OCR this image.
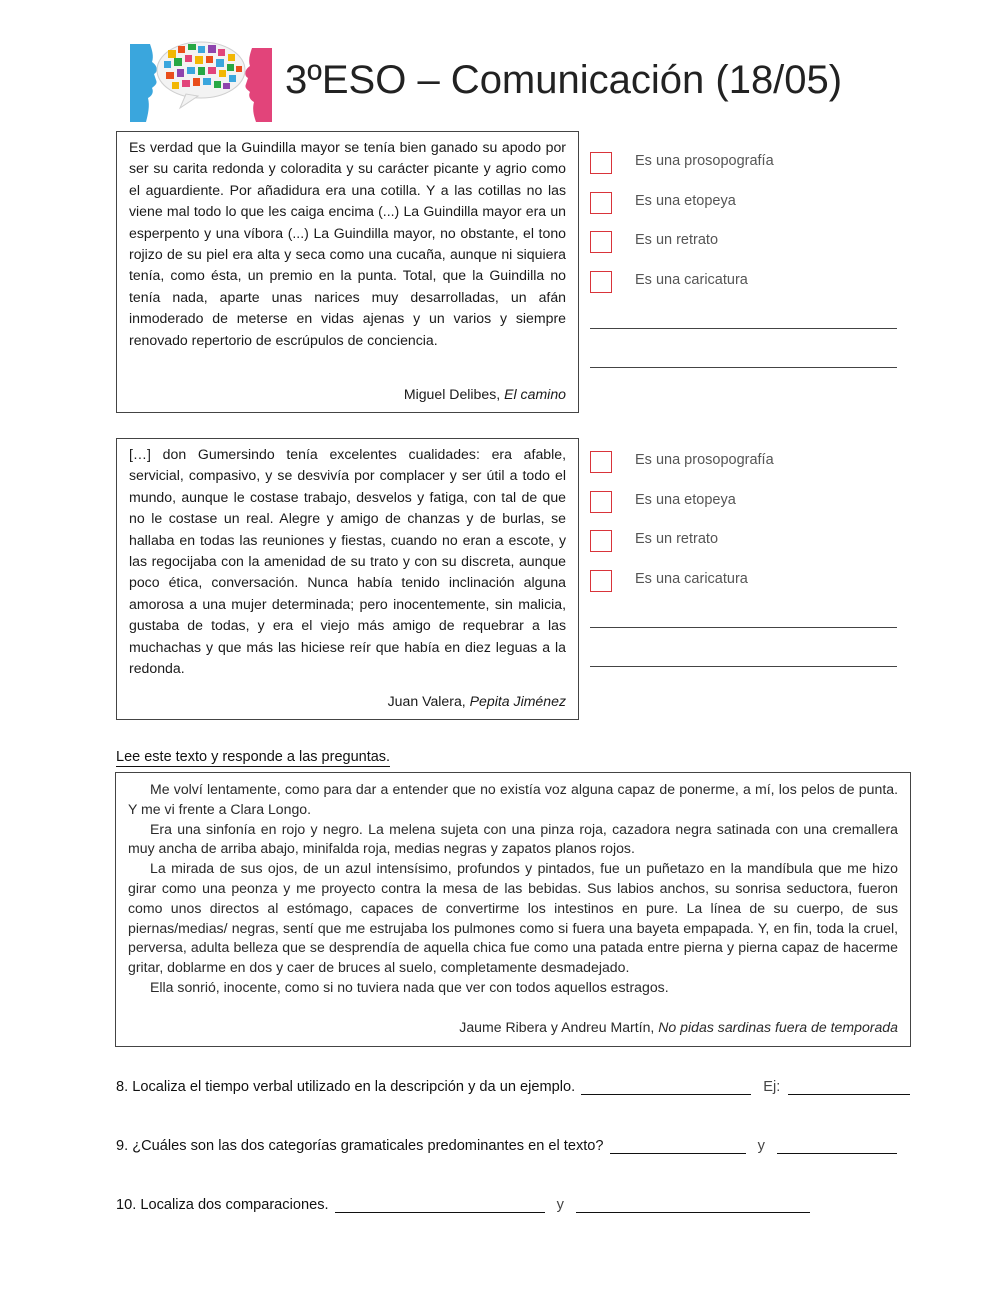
3ºESO – Comunicación (18/05)

Es verdad que la Guindilla mayor se tenía bien ganado su apodo por ser su carita redonda y coloradita y su carácter picante y agrio como el aguardiente. Por añadidura era una cotilla. Y a las cotillas no las viene mal todo lo que les caiga encima (...) La Guindilla mayor era un esperpento y una víbora (...) La Guindilla mayor, no obstante, el tono rojizo de su piel era alta y seca como una cucaña, aunque ni siquiera tenía, como ésta, un premio en la punta. Total, que la Guindilla no tenía nada, aparte unas narices muy desarrolladas, un afán inmoderado de meterse en vidas ajenas y un varios y siempre renovado repertorio de escrúpulos de conciencia.

Miguel Delibes, El camino
Es una prosopografía
Es una etopeya
Es un retrato
Es una caricatura

[…] don Gumersindo tenía excelentes cualidades: era afable, servicial, compasivo, y se desvivía por complacer y ser útil a todo el mundo, aunque le costase trabajo, desvelos y fatiga, con tal de que no le costase un real. Alegre y amigo de chanzas y de burlas, se hallaba en todas las reuniones y fiestas, cuando no eran a escote, y las regocijaba con la amenidad de su trato y con su discreta, aunque poco ética, conversación. Nunca había tenido inclinación alguna amorosa a una mujer determinada; pero inocentemente, sin malicia, gustaba de todas, y era el viejo más amigo de requebrar a las muchachas y que más las hiciese reír que había en diez leguas a la redonda.

Juan Valera, Pepita Jiménez
Es una prosopografía
Es una etopeya
Es un retrato
Es una caricatura

Lee este texto y responde a las preguntas.

Me volví lentamente, como para dar a entender que no existía voz alguna capaz de ponerme, a mí, los pelos de punta. Y me vi frente a Clara Longo.

Era una sinfonía en rojo y negro. La melena sujeta con una pinza roja, cazadora negra satinada con una cremallera muy ancha de arriba abajo, minifalda roja, medias negras y zapatos planos rojos.

La mirada de sus ojos, de un azul intensísimo, profundos y pintados, fue un puñetazo en la mandíbula que me hizo girar como una peonza y me proyecto contra la mesa de las bebidas. Sus labios anchos, su sonrisa seductora, fueron como unos directos al estómago, capaces de convertirme los intestinos en pure. La línea de su cuerpo, de sus piernas/medias/ negras, sentí que me estrujaba los pulmones como si fuera una bayeta empapada. Y, en fin, toda la cruel, perversa, adulta belleza que se desprendía de aquella chica fue como una patada entre pierna y pierna capaz de hacerme gritar, doblarme en dos y caer de bruces al suelo, completamente desmadejado.

Ella sonrió, inocente, como si no tuviera nada que ver con todos aquellos estragos.

Jaume Ribera y Andreu Martín, No pidas sardinas fuera de temporada
8. Localiza el tiempo verbal utilizado en la descripción y da un ejemplo.	Ej:
9. ¿Cuáles son las dos categorías gramaticales predominantes en el texto?	y
10. Localiza dos comparaciones.	y
